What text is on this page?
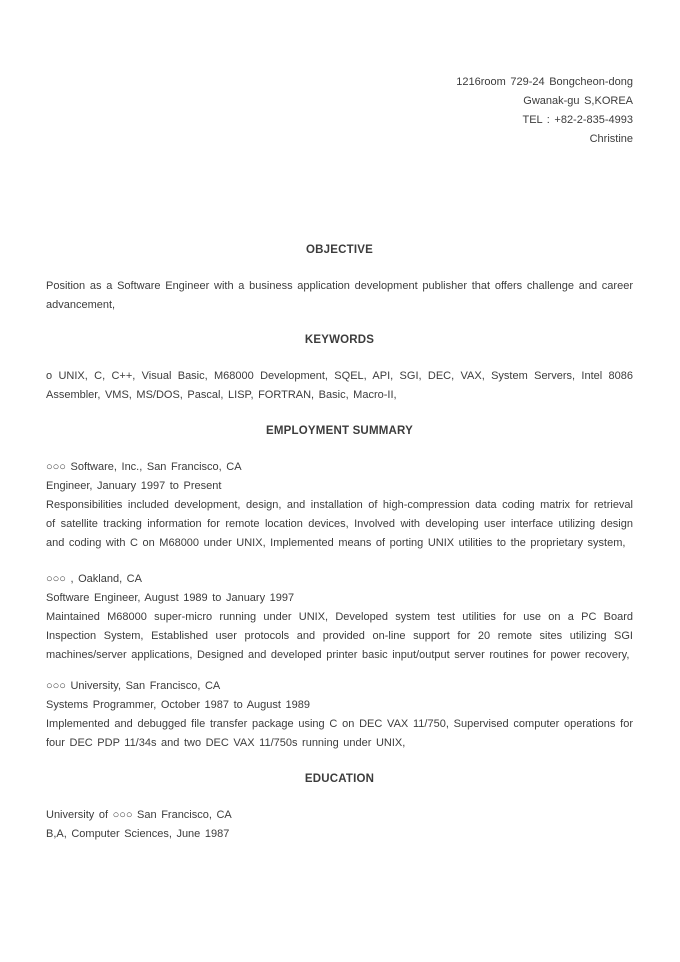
1216room 729-24 Bongcheon-dong
Gwanak-gu S,KOREA
TEL : +82-2-835-4993
Christine
OBJECTIVE

Position as a Software Engineer with a business application development publisher that offers challenge and career advancement,

KEYWORDS

o UNIX, C, C++, Visual Basic, M68000 Development, SQEL, API, SGI, DEC, VAX, System Servers, Intel 8086 Assembler, VMS, MS/DOS, Pascal, LISP, FORTRAN, Basic, Macro-II,

EMPLOYMENT SUMMARY

○○○ Software, Inc., San Francisco, CA

Engineer, January 1997 to Present

Responsibilities included development, design, and installation of high-compression data coding matrix for retrieval of satellite tracking information for remote location devices, Involved with developing user interface utilizing design and coding with C on M68000 under UNIX, Implemented means of porting UNIX utilities to the proprietary system,

○○○ , Oakland, CA

Software Engineer, August 1989 to January 1997

Maintained M68000 super-micro running under UNIX, Developed system test utilities for use on a PC Board Inspection System, Established user protocols and provided on-line support for 20 remote sites utilizing SGI machines/server applications, Designed and developed printer basic input/output server routines for power recovery,

○○○ University, San Francisco, CA

Systems Programmer, October 1987 to August 1989

Implemented and debugged file transfer package using C on DEC VAX 11/750, Supervised computer operations for four DEC PDP 11/34s and two DEC VAX 11/750s running under UNIX,

EDUCATION

University of ○○○ San Francisco, CA

B,A, Computer Sciences, June 1987
